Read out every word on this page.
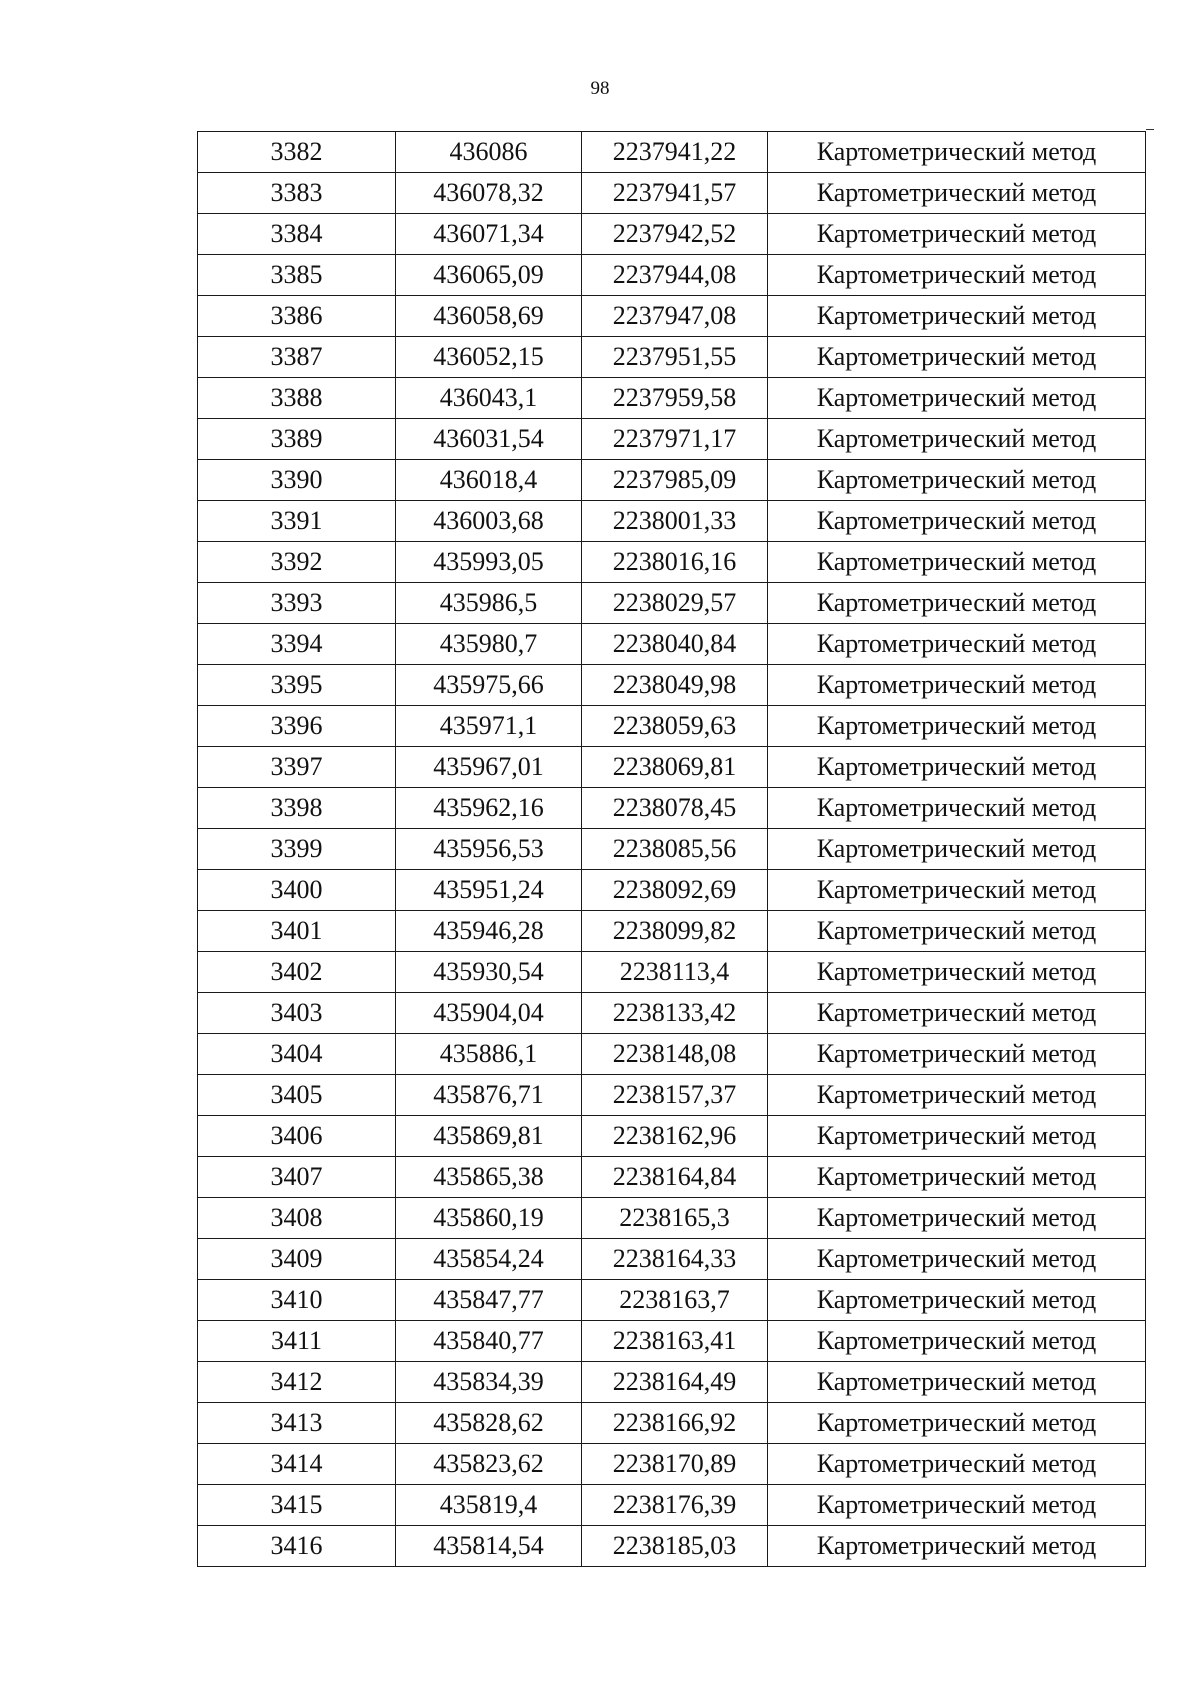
98
3382	436086	2237941,22	Картометрический метод
3383	436078,32	2237941,57	Картометрический метод
3384	436071,34	2237942,52	Картометрический метод
3385	436065,09	2237944,08	Картометрический метод
3386	436058,69	2237947,08	Картометрический метод
3387	436052,15	2237951,55	Картометрический метод
3388	436043,1	2237959,58	Картометрический метод
3389	436031,54	2237971,17	Картометрический метод
3390	436018,4	2237985,09	Картометрический метод
3391	436003,68	2238001,33	Картометрический метод
3392	435993,05	2238016,16	Картометрический метод
3393	435986,5	2238029,57	Картометрический метод
3394	435980,7	2238040,84	Картометрический метод
3395	435975,66	2238049,98	Картометрический метод
3396	435971,1	2238059,63	Картометрический метод
3397	435967,01	2238069,81	Картометрический метод
3398	435962,16	2238078,45	Картометрический метод
3399	435956,53	2238085,56	Картометрический метод
3400	435951,24	2238092,69	Картометрический метод
3401	435946,28	2238099,82	Картометрический метод
3402	435930,54	2238113,4	Картометрический метод
3403	435904,04	2238133,42	Картометрический метод
3404	435886,1	2238148,08	Картометрический метод
3405	435876,71	2238157,37	Картометрический метод
3406	435869,81	2238162,96	Картометрический метод
3407	435865,38	2238164,84	Картометрический метод
3408	435860,19	2238165,3	Картометрический метод
3409	435854,24	2238164,33	Картометрический метод
3410	435847,77	2238163,7	Картометрический метод
3411	435840,77	2238163,41	Картометрический метод
3412	435834,39	2238164,49	Картометрический метод
3413	435828,62	2238166,92	Картометрический метод
3414	435823,62	2238170,89	Картометрический метод
3415	435819,4	2238176,39	Картометрический метод
3416	435814,54	2238185,03	Картометрический метод
